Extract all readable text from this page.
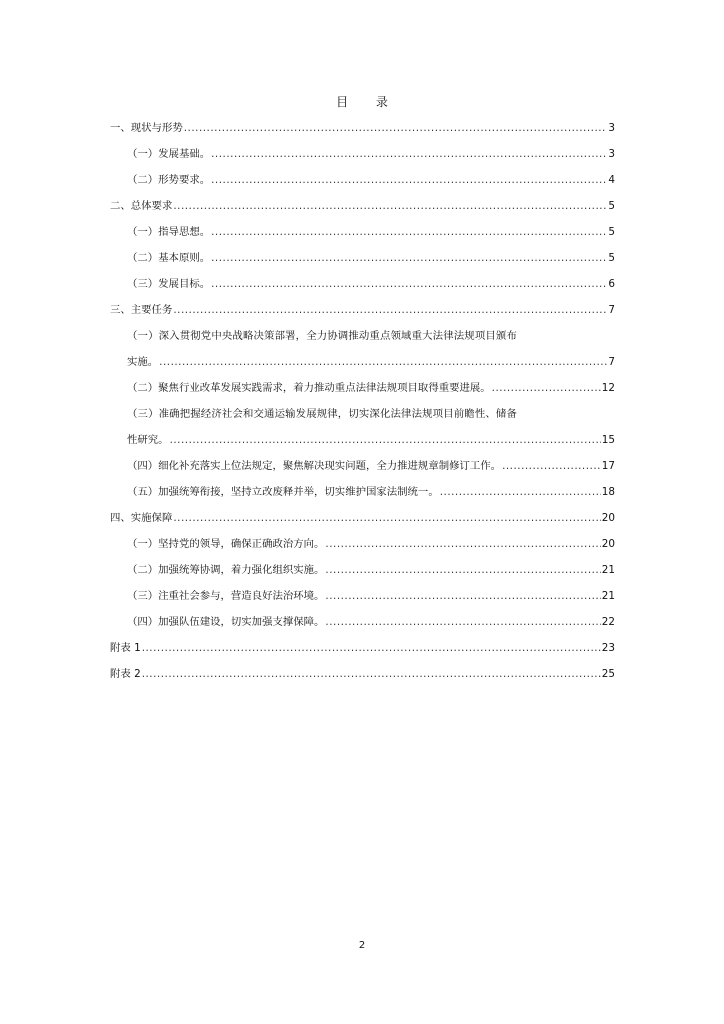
目 录
一、现状与形势 .....	3
（一）发展基础。 .....	3
（二）形势要求。 .....	4
二、总体要求 .....	5
（一）指导思想。 .....	5
（二）基本原则。 .....	5
（三）发展目标。 .....	6
三、主要任务 .....	7
（一）深入贯彻党中央战略决策部署，全力协调推动重点领域重大法律法规项目颁布
实施。 .....	7
（二）聚焦行业改革发展实践需求，着力推动重点法律法规项目取得重要进展。 .....	12
（三）准确把握经济社会和交通运输发展规律，切实深化法律法规项目前瞻性、储备
性研究。 .....	15
（四）细化补充落实上位法规定，聚焦解决现实问题，全力推进规章制修订工作。 .....	17
（五）加强统筹衔接，坚持立改废释并举，切实维护国家法制统一。 .....	18
四、实施保障 .....	20
（一）坚持党的领导，确保正确政治方向。 .....	20
（二）加强统筹协调，着力强化组织实施。 .....	21
（三）注重社会参与，营造良好法治环境。 .....	21
（四）加强队伍建设，切实加强支撑保障。 .....	22
附表 1 .....	23
附表 2 .....	25
2
